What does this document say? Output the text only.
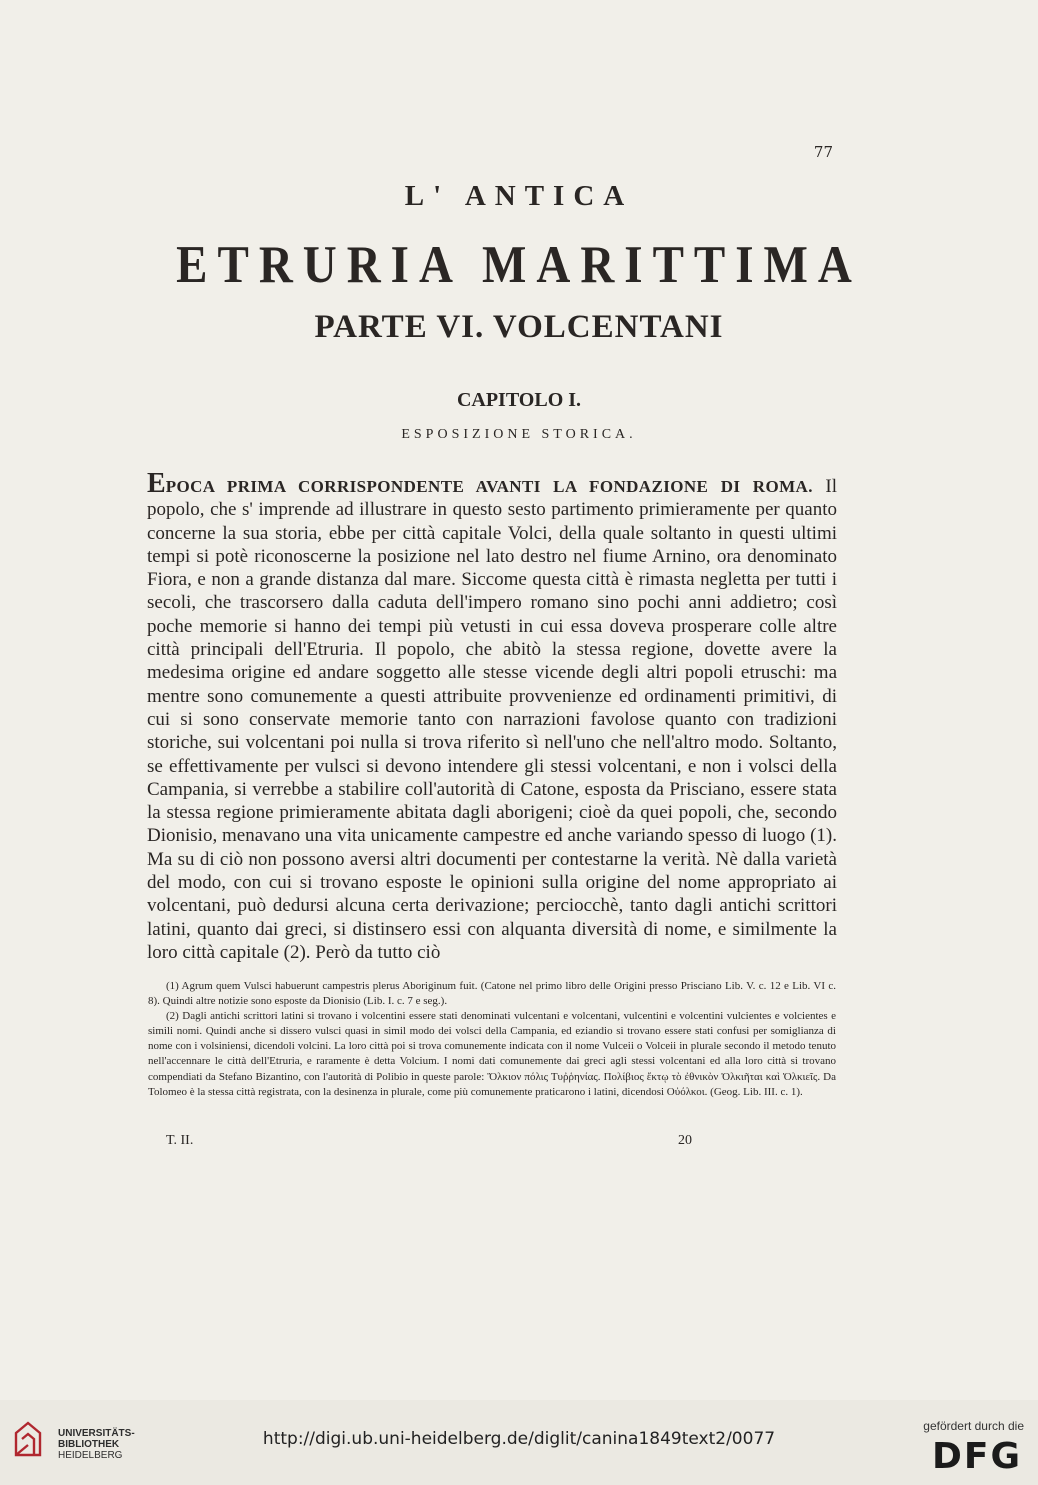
77
L' ANTICA
ETRURIA MARITTIMA
PARTE VI. VOLCENTANI
CAPITOLO I.
ESPOSIZIONE STORICA.

EPOCA PRIMA CORRISPONDENTE AVANTI LA FONDAZIONE DI ROMA. Il popolo, che s' imprende ad illustrare in questo sesto partimento primieramente per quanto concerne la sua storia, ebbe per città capitale Volci, della quale soltanto in questi ultimi tempi si potè riconoscerne la posizione nel lato destro nel fiume Arnino, ora denominato Fiora, e non a grande distanza dal mare. Siccome questa città è rimasta negletta per tutti i secoli, che trascorsero dalla caduta dell'impero romano sino pochi anni addietro; così poche memorie si hanno dei tempi più vetusti in cui essa doveva prosperare colle altre città principali dell'Etruria. Il popolo, che abitò la stessa regione, dovette avere la medesima origine ed andare soggetto alle stesse vicende degli altri popoli etruschi: ma mentre sono comunemente a questi attribuite provvenienze ed ordinamenti primitivi, di cui si sono conservate memorie tanto con narrazioni favolose quanto con tradizioni storiche, sui volcentani poi nulla si trova riferito sì nell'uno che nell'altro modo. Soltanto, se effettivamente per vulsci si devono intendere gli stessi volcentani, e non i volsci della Campania, si verrebbe a stabilire coll'autorità di Catone, esposta da Prisciano, essere stata la stessa regione primieramente abitata dagli aborigeni; cioè da quei popoli, che, secondo Dionisio, menavano una vita unicamente campestre ed anche variando spesso di luogo (1). Ma su di ciò non possono aversi altri documenti per contestarne la verità. Nè dalla varietà del modo, con cui si trovano esposte le opinioni sulla origine del nome appropriato ai volcentani, può dedursi alcuna certa derivazione; perciocchè, tanto dagli antichi scrittori latini, quanto dai greci, si distinsero essi con alquanta diversità di nome, e similmente la loro città capitale (2). Però da tutto ciò

(1) Agrum quem Vulsci habuerunt campestris plerus Aboriginum fuit. (Catone nel primo libro delle Origini presso Prisciano Lib. V. c. 12 e Lib. VI c. 8). Quindi altre notizie sono esposte da Dionisio (Lib. I. c. 7 e seg.).

(2) Dagli antichi scrittori latini si trovano i volcentini essere stati denominati vulcentani e volcentani, vulcentini e volcentini vulcientes e volcientes e simili nomi. Quindi anche si dissero vulsci quasi in simil modo dei volsci della Campania, ed eziandio si trovano essere stati confusi per somiglianza di nome con i volsiniensi, dicendoli volcini. La loro città poi si trova comunemente indicata con il nome Vulceii o Volceii in plurale secondo il metodo tenuto nell'accennare le città dell'Etruria, e raramente è detta Volcium. I nomi dati comunemente dai greci agli stessi volcentani ed alla loro città si trovano compendiati da Stefano Bizantino, con l'autorità di Polibio in queste parole: Ὄλκιον πόλις Τυῤῥηνίας. Πολίβιος ἔκτῳ τὸ ἐθνικὸν Ὀλκιῆται καὶ Ὀλκιεῖς. Da Tolomeo è la stessa città registrata, con la desinenza in plurale, come più comunemente praticarono i latini, dicendosi Οὐόλκοι. (Geog. Lib. III. c. 1).

T. II.	20
UNIVERSITÄTS-
BIBLIOTHEK
HEIDELBERG
http://digi.ub.uni-heidelberg.de/diglit/canina1849text2/0077
gefördert durch die
DFG
